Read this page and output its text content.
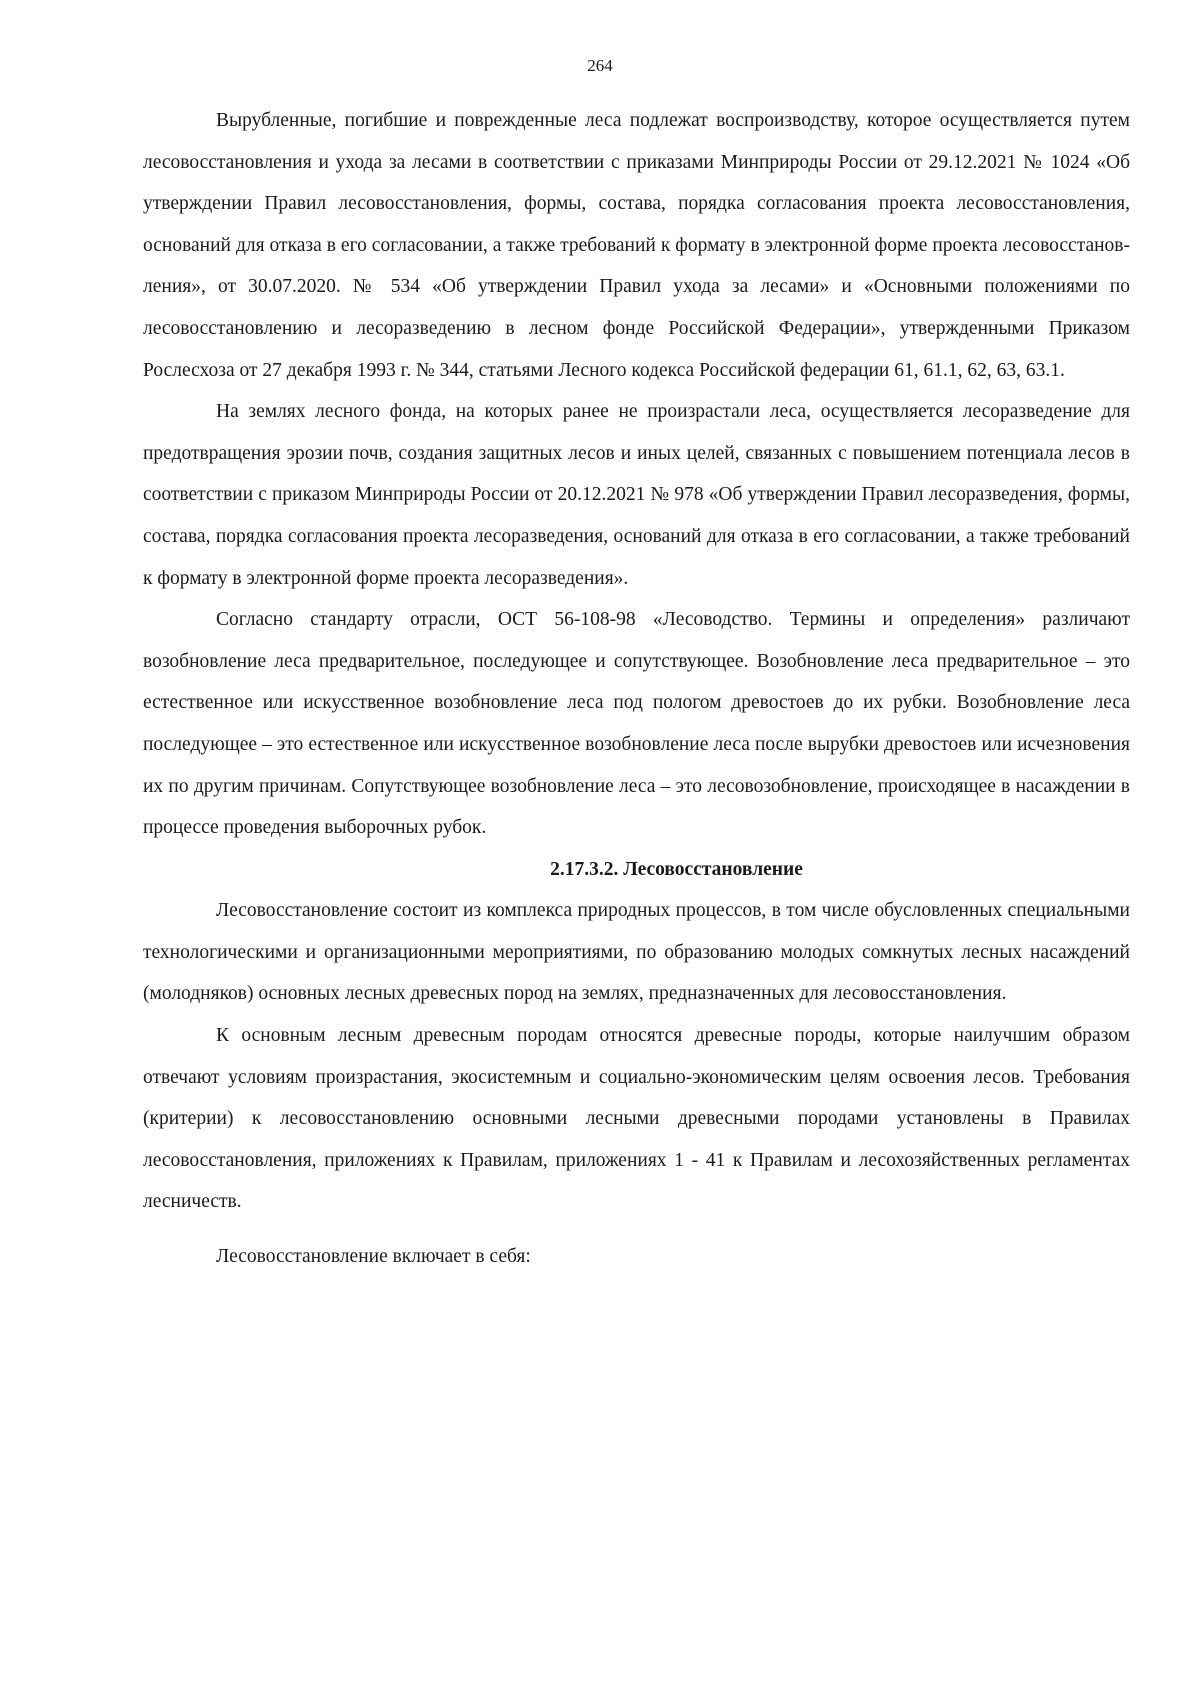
264

Вырубленные, погибшие и поврежденные леса подлежат воспроизводству, которое осуществляется путем лесовосстановления и ухода за лесами в соответствии с приказами Минприроды России от 29.12.2021 № 1024 «Об утверждении Правил лесовосстановления, формы, состава, порядка согласования проекта лесовосстановления, оснований для отказа в его согласовании, а также требований к формату в электронной форме проекта лесовосстановления», от 30.07.2020. № 534 «Об утверждении Правил ухода за лесами» и «Основными положениями по лесовосстановлению и лесоразведению в лесном фонде Российской Федерации», утвержденными Приказом Рослесхоза от 27 декабря 1993 г. № 344, статьями Лесного кодекса Российской федерации 61, 61.1, 62, 63, 63.1.

На землях лесного фонда, на которых ранее не произрастали леса, осуществляется лесоразведение для предотвращения эрозии почв, создания защитных лесов и иных целей, связанных с повышением потенциала лесов в соответствии с приказом Минприроды России от 20.12.2021 № 978 «Об утверждении Правил лесоразведения, формы, состава, порядка согласования проекта лесоразведения, оснований для отказа в его согласовании, а также требований к формату в электронной форме проекта лесоразведения».

Согласно стандарту отрасли, ОСТ 56-108-98 «Лесоводство. Термины и определения» различают возобновление леса предварительное, последующее и сопутствующее. Возобновление леса предварительное – это естественное или искусственное возобновление леса под пологом древостоев до их рубки. Возобновление леса последующее – это естественное или искусственное возобновление леса после вырубки древостоев или исчезновения их по другим причинам. Сопутствующее возобновление леса – это лесовозобновление, происходящее в насаждении в процессе проведения выборочных рубок.

2.17.3.2. Лесовосстановление

Лесовосстановление состоит из комплекса природных процессов, в том числе обусловленных специальными технологическими и организационными мероприятиями, по образованию молодых сомкнутых лесных насаждений (молодняков) основных лесных древесных пород на землях, предназначенных для лесовосстановления.

К основным лесным древесным породам относятся древесные породы, которые наилучшим образом отвечают условиям произрастания, экосистемным и социально-экономическим целям освоения лесов. Требования (критерии) к лесовосстановлению основными лесными древесными породами установлены в Правилах лесовосстановления, приложениях к Правилам, приложениях 1 - 41 к Правилам и лесохозяйственных регламентах лесничеств.

Лесовосстановление включает в себя:
